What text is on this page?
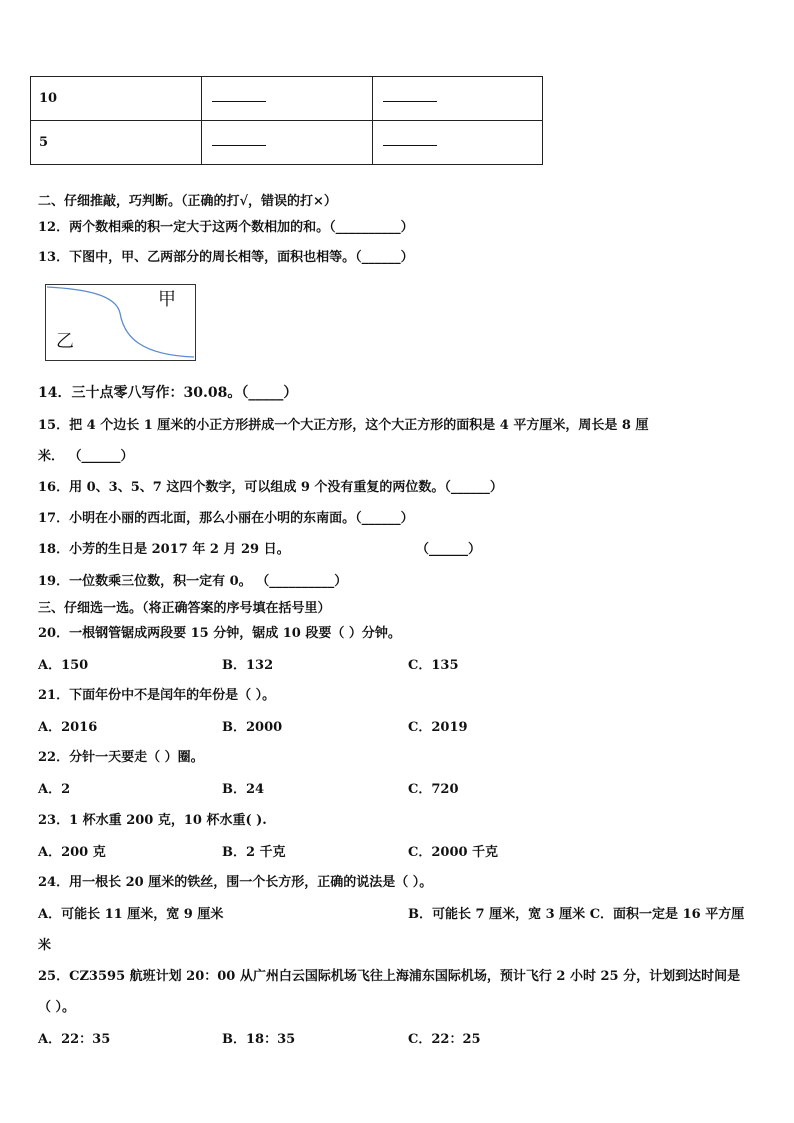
10		
5		
二、仔细推敲，巧判断。（正确的打√，错误的打×）
12．两个数相乘的积一定大于这两个数相加的和。（__________）
13．下图中，甲、乙两部分的周长相等，面积也相等。（______）
甲
乙
14．三十点零八写作：30.08。（_____）
15．把 4 个边长 1 厘米的小正方形拼成一个大正方形，这个大正方形的面积是 4 平方厘米，周长是 8 厘
米． （______）
16．用 0、3、5、7 这四个数字，可以组成 9 个没有重复的两位数。（______）
17．小明在小丽的西北面，那么小丽在小明的东南面。（______）
18．小芳的生日是 2017 年 2 月 29 日。	（______）
19．一位数乘三位数，积一定有 0。 （__________）
三、仔细选一选。（将正确答案的序号填在括号里）
20．一根钢管锯成两段要 15 分钟，锯成 10 段要（ ）分钟。
A．150	B．132	C．135
21．下面年份中不是闰年的年份是（ ）。
A．2016	B．2000	C．2019
22．分针一天要走（ ）圈。
A．2	B．24	C．720
23．1 杯水重 200 克，10 杯水重( ).
A．200 克	B．2 千克	C．2000 千克
24．用一根长 20 厘米的铁丝，围一个长方形，正确的说法是（ ）。
A．可能长 11 厘米，宽 9 厘米	B．可能长 7 厘米，宽 3 厘米 C．面积一定是 16 平方厘
米
25．CZ3595 航班计划 20：00 从广州白云国际机场飞往上海浦东国际机场，预计飞行 2 小时 25 分，计划到达时间是
（ ）。
A．22：35	B．18：35	C．22：25
